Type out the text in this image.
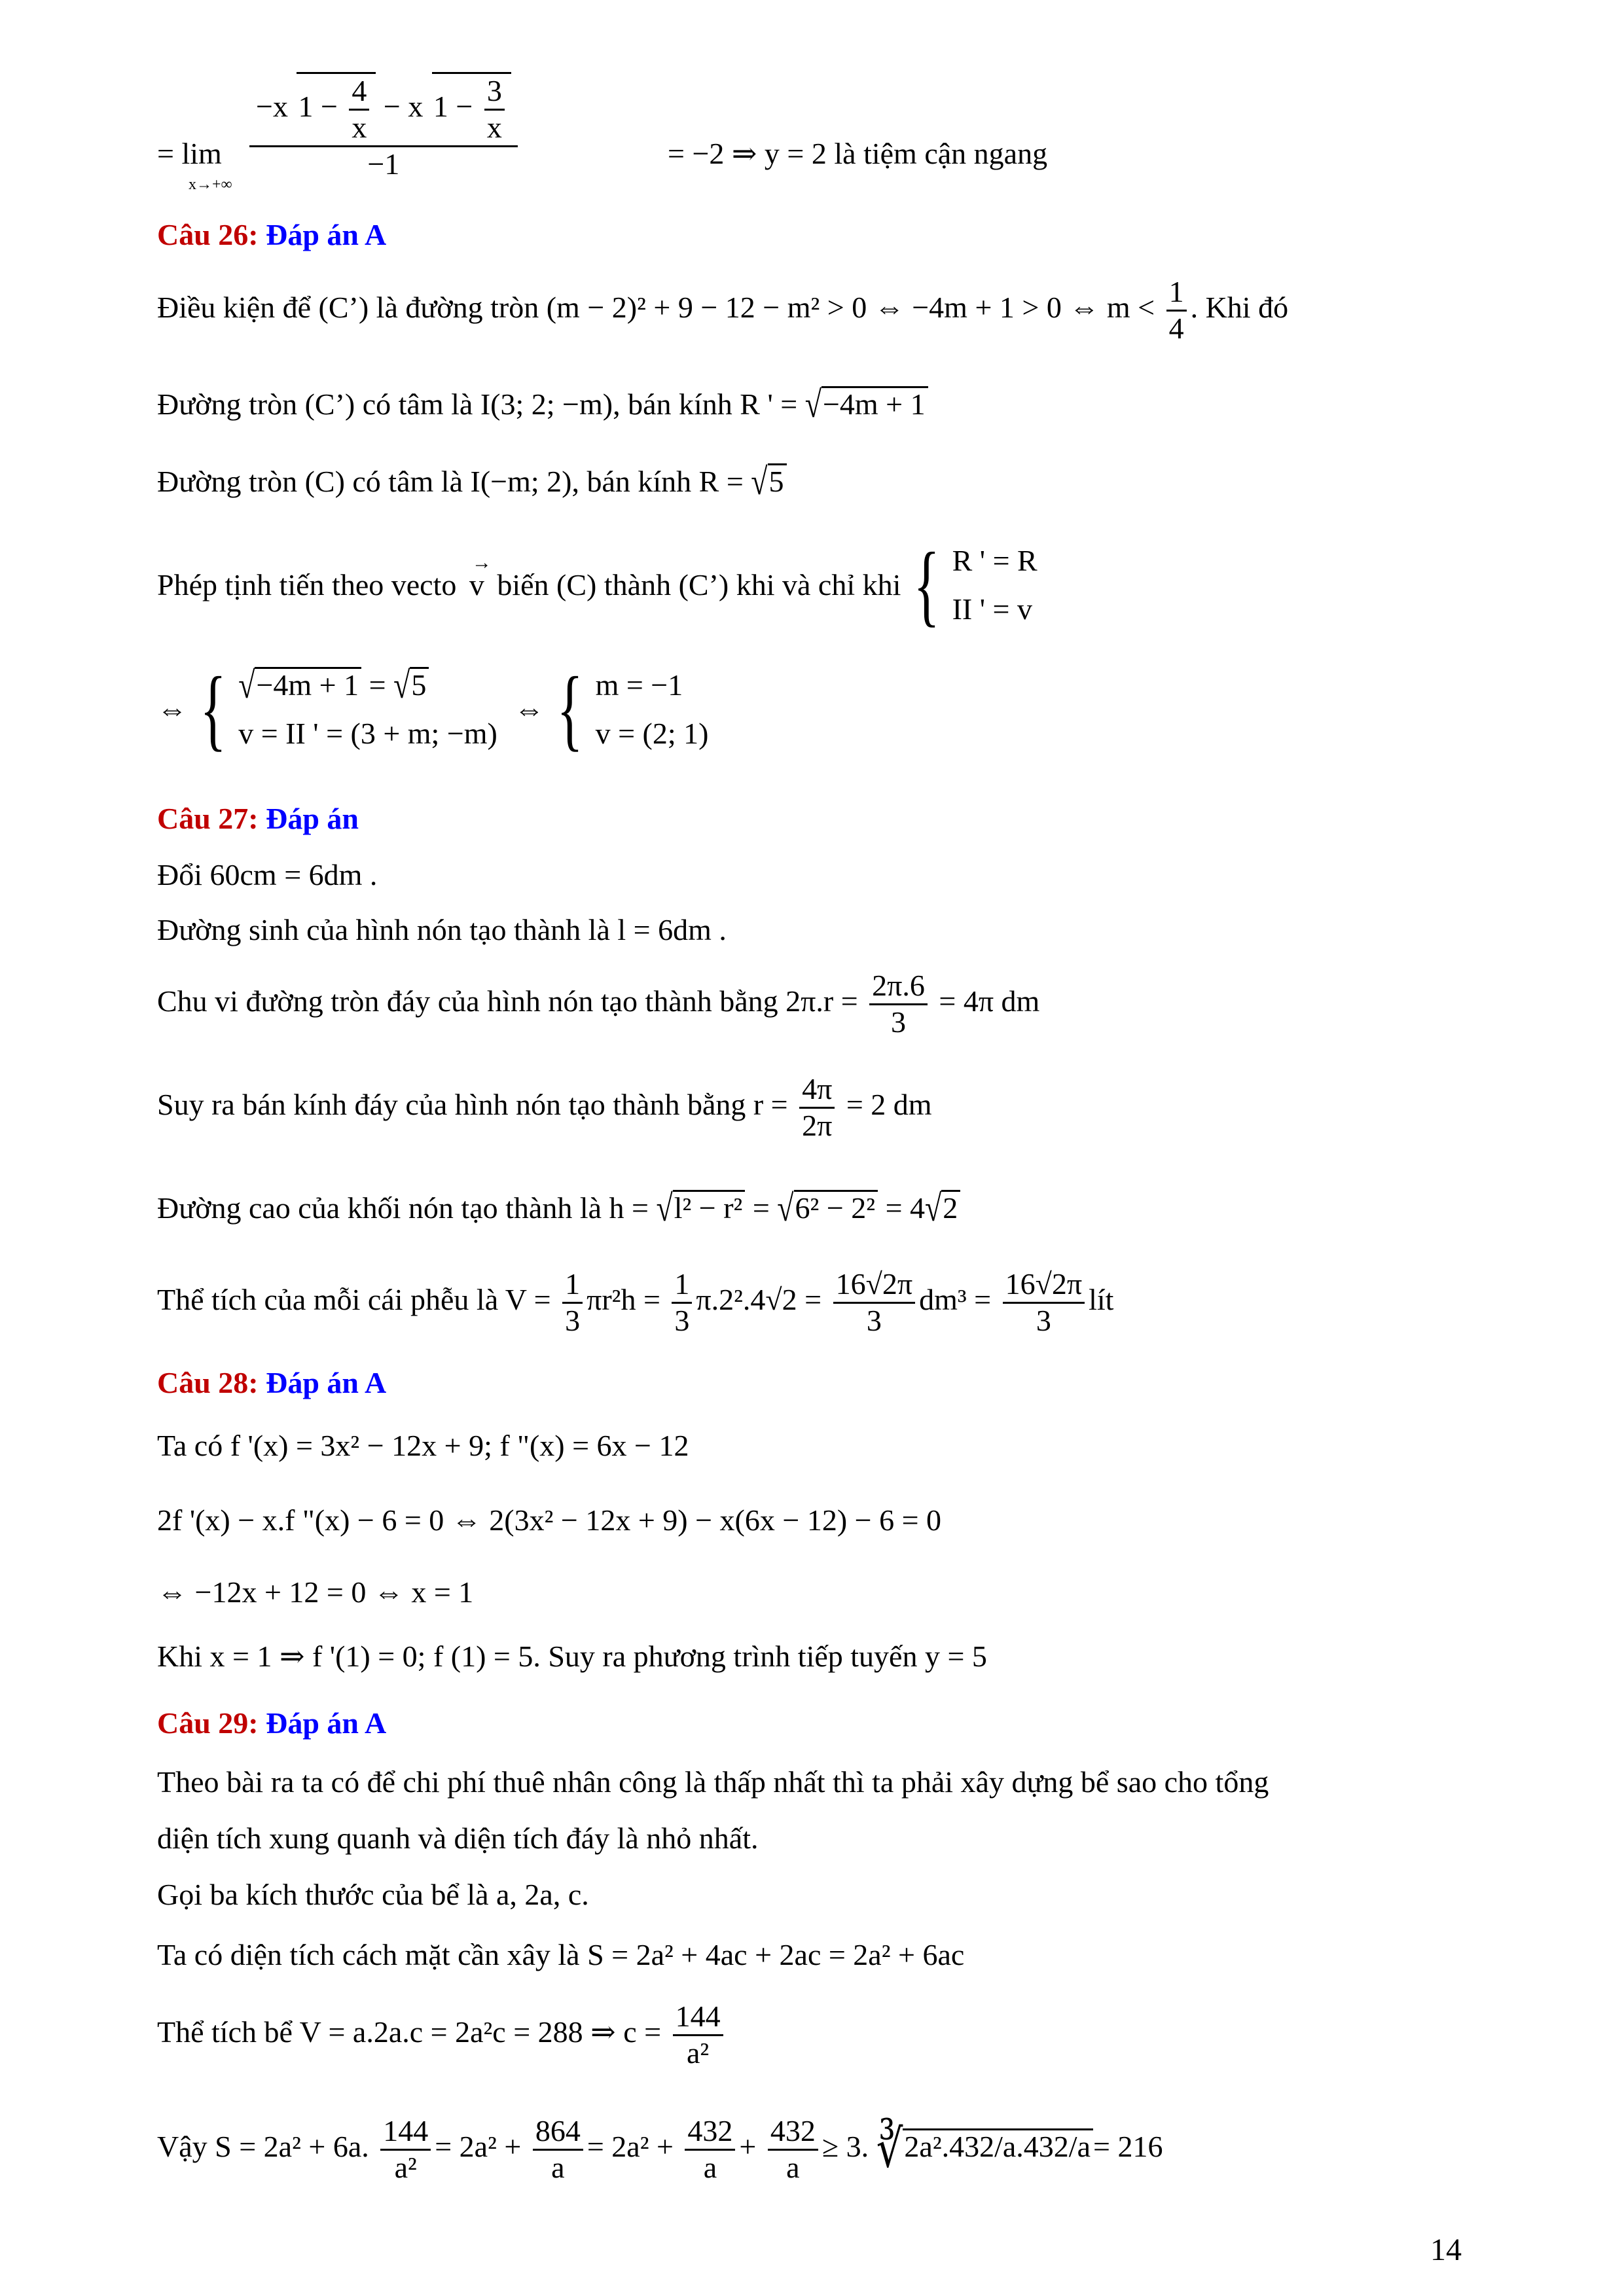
x→+∞
= $\lim \frac{-x 1 - \frac{4}{x} - x 1 - \frac{3}{x}}{-1}$	= −2 ⇒ y = 2 là tiệm cận ngang
Câu 26: Đáp án A
Điều kiện để (C’) là đường tròn (m − 2)² + 9 − 12 − m² > 0 ⇔ −4m + 1 > 0 ⇔ $m < \frac{1}{4}$ . Khi đó
Đường tròn (C’) có tâm là I(3; 2; −m), bán kính R ' = √−4m + 1
Đường tròn (C) có tâm là I(−m; 2), bán kính R = √5
Phép tịnh tiến theo vecto
→
v biến (C) thành (C’) khi và chỉ khi { R ' = R
II ' = v
⇔ { √−4m + 1 = √5
v = II ' = (3 + m; −m)
⇔ { m = −1
v = (2; 1)
Câu 27: Đáp án
Đổi 60cm = 6dm .
Đường sinh của hình nón tạo thành là l = 6dm .
Chu vi đường tròn đáy của hình nón tạo thành bằng $2\pi.r = \frac{2\pi.6}{3} = 4\pi$ dm
Suy ra bán kính đáy của hình nón tạo thành bằng $r = \frac{4\pi}{2\pi} = 2$ dm
Đường cao của khối nón tạo thành là h = √l² − r² = √6² − 2² = 4√2
Thể tích của mỗi cái phễu là $V = \frac{1}{3} \pi r^2h = \frac{1}{3} \pi.2^2.4√2 = \frac{16√2\pi}{3} dm^3 = \frac{16√2\pi}{3}$ lít
Câu 28: Đáp án A
Ta có f '(x) = 3x² − 12x + 9; f "(x) = 6x − 12
2f '(x) − x.f "(x) − 6 = 0 ⇔ 2(3x² − 12x + 9) − x(6x − 12) − 6 = 0
⇔ −12x + 12 = 0 ⇔ x = 1
Khi x = 1 ⇒ f '(1) = 0; f (1) = 5. Suy ra phương trình tiếp tuyến y = 5
Câu 29: Đáp án A
Theo bài ra ta có để chi phí thuê nhân công là thấp nhất thì ta phải xây dựng bể sao cho tổng
diện tích xung quanh và diện tích đáy là nhỏ nhất.
Gọi ba kích thước của bể là a, 2a, c.
Ta có diện tích cách mặt cần xây là S = 2a² + 4ac + 2ac = 2a² + 6ac
Thể tích bể V = a.2a.c = 2a²c = 288 ⇒ $c = \frac{144}{\text{a²}}$
Vậy S = 2a² + 6a. $\frac{144}{\text{a²}} = 2a^2 + \frac{864}{a} = 2a^2 + \frac{432}{a} + \frac{432}{a} \ge 3$. ∛2a².432/a.432/a= 216
14
